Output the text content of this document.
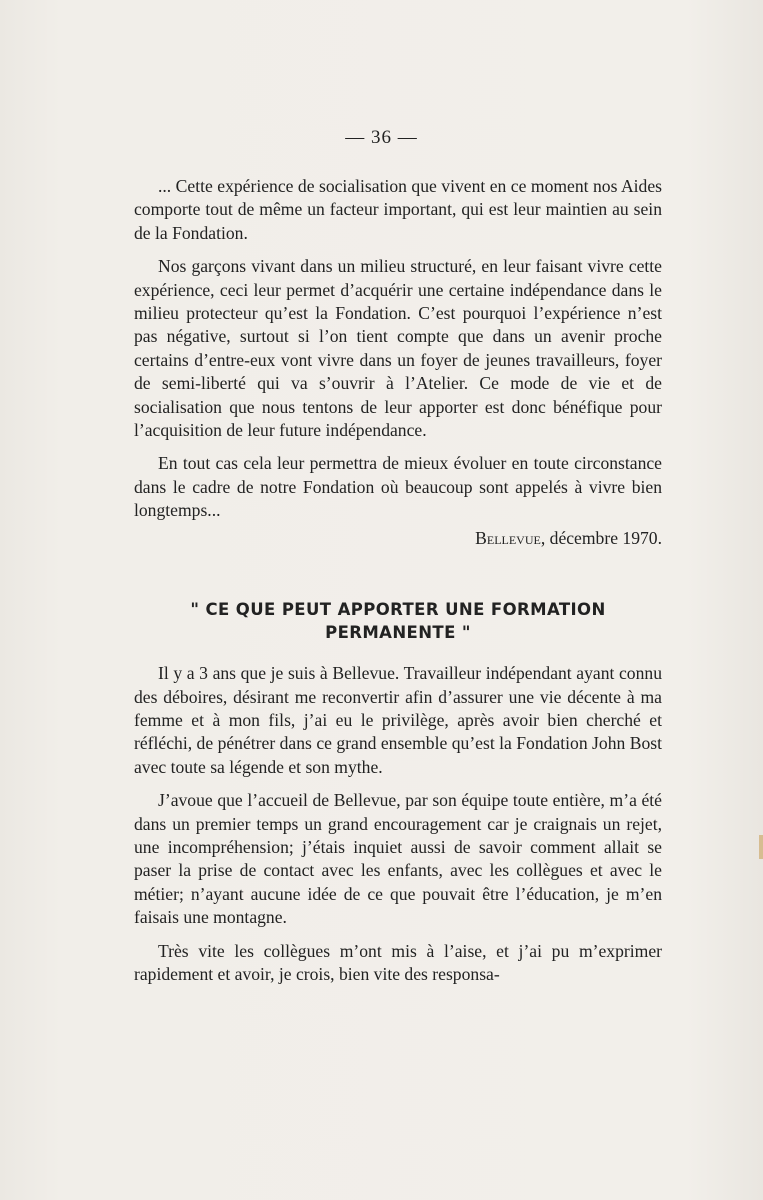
— 36 —

... Cette expérience de socialisation que vivent en ce moment nos Aides comporte tout de même un facteur important, qui est leur maintien au sein de la Fondation.

Nos garçons vivant dans un milieu structuré, en leur faisant vivre cette expérience, ceci leur permet d’acquérir une certaine indépendance dans le milieu protecteur qu’est la Fondation. C’est pourquoi l’expérience n’est pas négative, surtout si l’on tient compte que dans un avenir proche certains d’entre-eux vont vivre dans un foyer de jeunes travailleurs, foyer de semi-liberté qui va s’ouvrir à l’Atelier. Ce mode de vie et de socialisation que nous tentons de leur apporter est donc bénéfique pour l’acquisition de leur future indépendance.

En tout cas cela leur permettra de mieux évoluer en toute circonstance dans le cadre de notre Fondation où beaucoup sont appelés à vivre bien longtemps...

Bellevue, décembre 1970.
" CE QUE PEUT APPORTER UNE FORMATION
PERMANENTE "

Il y a 3 ans que je suis à Bellevue. Travailleur indépendant ayant connu des déboires, désirant me reconvertir afin d’assurer une vie décente à ma femme et à mon fils, j’ai eu le privilège, après avoir bien cherché et réfléchi, de pénétrer dans ce grand ensemble qu’est la Fondation John Bost avec toute sa légende et son mythe.

J’avoue que l’accueil de Bellevue, par son équipe toute entière, m’a été dans un premier temps un grand encouragement car je craignais un rejet, une incompréhension; j’étais inquiet aussi de savoir comment allait se paser la prise de contact avec les enfants, avec les collègues et avec le métier; n’ayant aucune idée de ce que pouvait être l’éducation, je m’en faisais une montagne.

Très vite les collègues m’ont mis à l’aise, et j’ai pu m’exprimer rapidement et avoir, je crois, bien vite des responsa-
